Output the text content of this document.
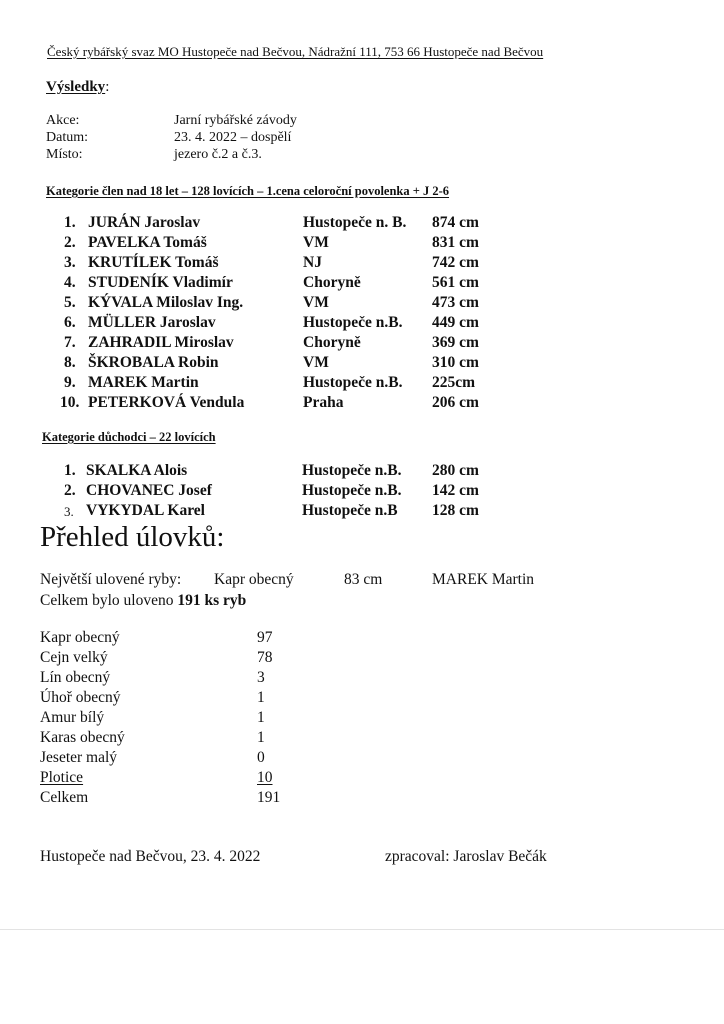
Český rybářský svaz MO Hustopeče nad Bečvou, Nádražní 111, 753 66 Hustopeče nad Bečvou
Výsledky:
Akce:	Jarní rybářské závody
Datum:	23. 4. 2022 – dospělí
Místo:	jezero č.2 a č.3.
Kategorie člen nad 18 let – 128 lovících – 1.cena celoroční povolenka + J 2-6
1. JURÁN Jaroslav	Hustopeče n. B. 874 cm
2. PAVELKA Tomáš	VM	831 cm
3. KRUTÍLEK Tomáš	NJ	742 cm
4. STUDENÍK Vladimír	Choryně	561 cm
5. KÝVALA Miloslav Ing.	VM	473 cm
6. MÜLLER Jaroslav	Hustopeče n.B. 449 cm
7. ZAHRADIL Miroslav	Choryně	369 cm
8. ŠKROBALA Robin	VM	310 cm
9. MAREK Martin	Hustopeče n.B. 225cm
10. PETERKOVÁ Vendula	Praha	206 cm
Kategorie důchodci – 22 lovících
1. SKALKA Alois	Hustopeče n.B. 280 cm
2. CHOVANEC Josef	Hustopeče n.B. 142 cm
3. VYKYDAL Karel	Hustopeče n.B 128 cm
Přehled úlovků:
Největší ulovené ryby: Kapr obecný	83 cm	MAREK Martin
Celkem bylo uloveno 191 ks ryb
Kapr obecný	97
Cejn velký	78
Lín obecný	3
Úhoř obecný	1
Amur bílý	1
Karas obecný	1
Jeseter malý	0
Plotice	10
Celkem	191
Hustopeče nad Bečvou, 23. 4. 2022	zpracoval: Jaroslav Bečák
